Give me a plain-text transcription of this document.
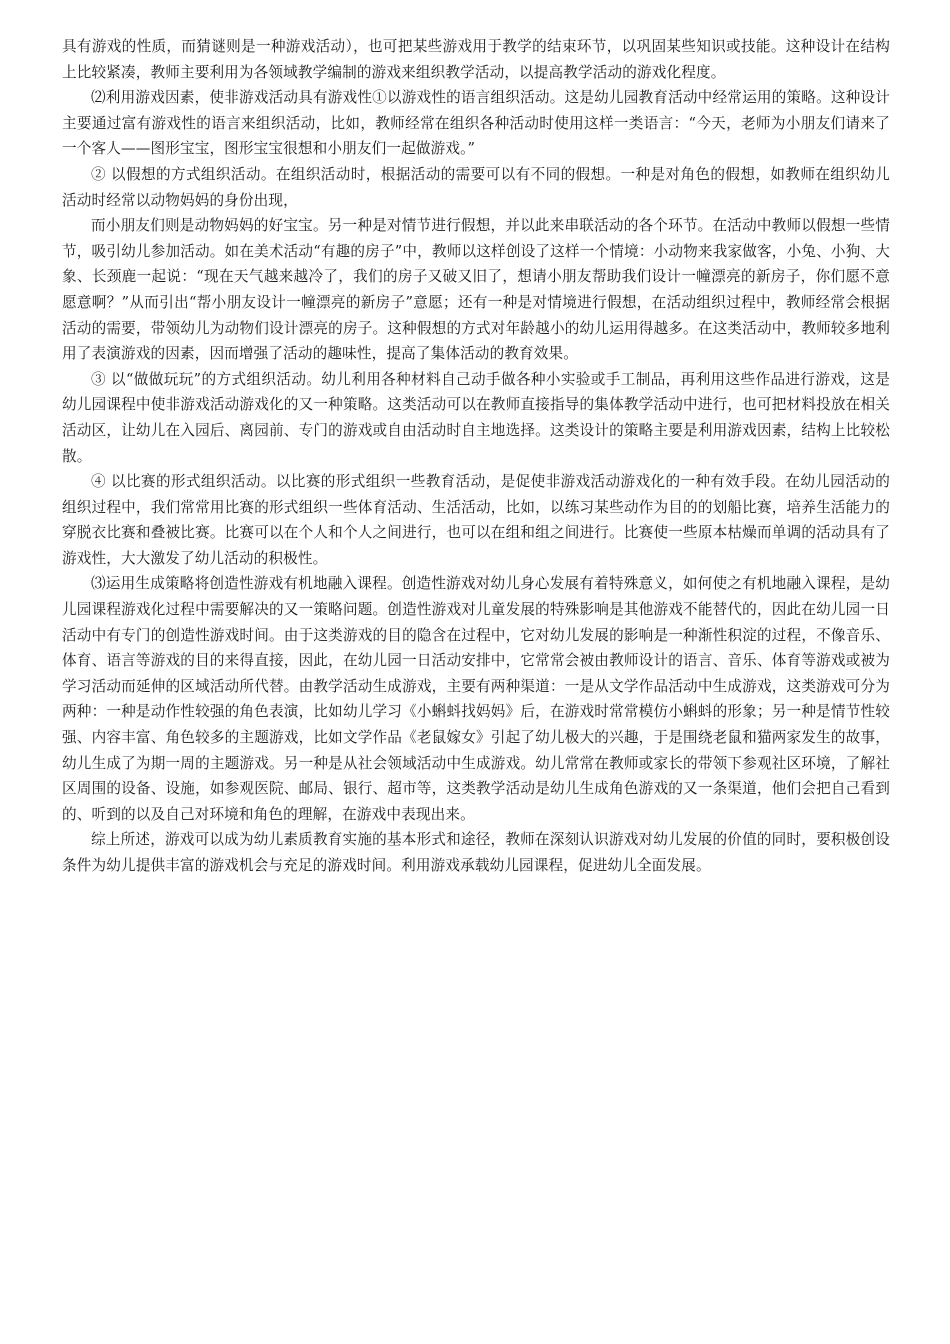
具有游戏的性质，而猜谜则是一种游戏活动），也可把某些游戏用于教学的结束环节，以巩固某些知识或技能。这种设计在结构上比较紧凑，教师主要利用为各领域教学编制的游戏来组织教学活动，以提高教学活动的游戏化程度。

⑵利用游戏因素，使非游戏活动具有游戏性①以游戏性的语言组织活动。这是幼儿园教育活动中经常运用的策略。这种设计主要通过富有游戏性的语言来组织活动，比如，教师经常在组织各种活动时使用这样一类语言：“今天，老师为小朋友们请来了一个客人——图形宝宝，图形宝宝很想和小朋友们一起做游戏。”

② 以假想的方式组织活动。在组织活动时，根据活动的需要可以有不同的假想。一种是对角色的假想，如教师在组织幼儿活动时经常以动物妈妈的身份出现，

而小朋友们则是动物妈妈的好宝宝。另一种是对情节进行假想，并以此来串联活动的各个环节。在活动中教师以假想一些情节，吸引幼儿参加活动。如在美术活动“有趣的房子”中，教师以这样创设了这样一个情境：小动物来我家做客，小兔、小狗、大象、长颈鹿一起说：“现在天气越来越冷了，我们的房子又破又旧了，想请小朋友帮助我们设计一幢漂亮的新房子，你们愿不意愿意啊？”从而引出“帮小朋友设计一幢漂亮的新房子”意愿；还有一种是对情境进行假想，在活动组织过程中，教师经常会根据活动的需要，带领幼儿为动物们设计漂亮的房子。这种假想的方式对年龄越小的幼儿运用得越多。在这类活动中，教师较多地利用了表演游戏的因素，因而增强了活动的趣味性，提高了集体活动的教育效果。

③ 以“做做玩玩”的方式组织活动。幼儿利用各种材料自己动手做各种小实验或手工制品，再利用这些作品进行游戏，这是幼儿园课程中使非游戏活动游戏化的又一种策略。这类活动可以在教师直接指导的集体教学活动中进行，也可把材料投放在相关活动区，让幼儿在入园后、离园前、专门的游戏或自由活动时自主地选择。这类设计的策略主要是利用游戏因素，结构上比较松散。

④ 以比赛的形式组织活动。以比赛的形式组织一些教育活动，是促使非游戏活动游戏化的一种有效手段。在幼儿园活动的组织过程中，我们常常用比赛的形式组织一些体育活动、生活活动，比如，以练习某些动作为目的的划船比赛，培养生活能力的穿脱衣比赛和叠被比赛。比赛可以在个人和个人之间进行，也可以在组和组之间进行。比赛使一些原本枯燥而单调的活动具有了游戏性，大大激发了幼儿活动的积极性。

⑶运用生成策略将创造性游戏有机地融入课程。创造性游戏对幼儿身心发展有着特殊意义，如何使之有机地融入课程，是幼儿园课程游戏化过程中需要解决的又一策略问题。创造性游戏对儿童发展的特殊影响是其他游戏不能替代的，因此在幼儿园一日活动中有专门的创造性游戏时间。由于这类游戏的目的隐含在过程中，它对幼儿发展的影响是一种渐性积淀的过程，不像音乐、体育、语言等游戏的目的来得直接，因此，在幼儿园一日活动安排中，它常常会被由教师设计的语言、音乐、体育等游戏或被为学习活动而延伸的区域活动所代替。由教学活动生成游戏，主要有两种渠道：一是从文学作品活动中生成游戏，这类游戏可分为两种：一种是动作性较强的角色表演，比如幼儿学习《小蝌蚪找妈妈》后，在游戏时常常模仿小蝌蚪的形象；另一种是情节性较强、内容丰富、角色较多的主题游戏，比如文学作品《老鼠嫁女》引起了幼儿极大的兴趣，于是围绕老鼠和猫两家发生的故事，幼儿生成了为期一周的主题游戏。另一种是从社会领域活动中生成游戏。幼儿常常在教师或家长的带领下参观社区环境，了解社区周围的设备、设施，如参观医院、邮局、银行、超市等，这类教学活动是幼儿生成角色游戏的又一条渠道，他们会把自己看到的、听到的以及自己对环境和角色的理解，在游戏中表现出来。

综上所述，游戏可以成为幼儿素质教育实施的基本形式和途径，教师在深刻认识游戏对幼儿发展的价值的同时，要积极创设条件为幼儿提供丰富的游戏机会与充足的游戏时间。利用游戏承载幼儿园课程，促进幼儿全面发展。
